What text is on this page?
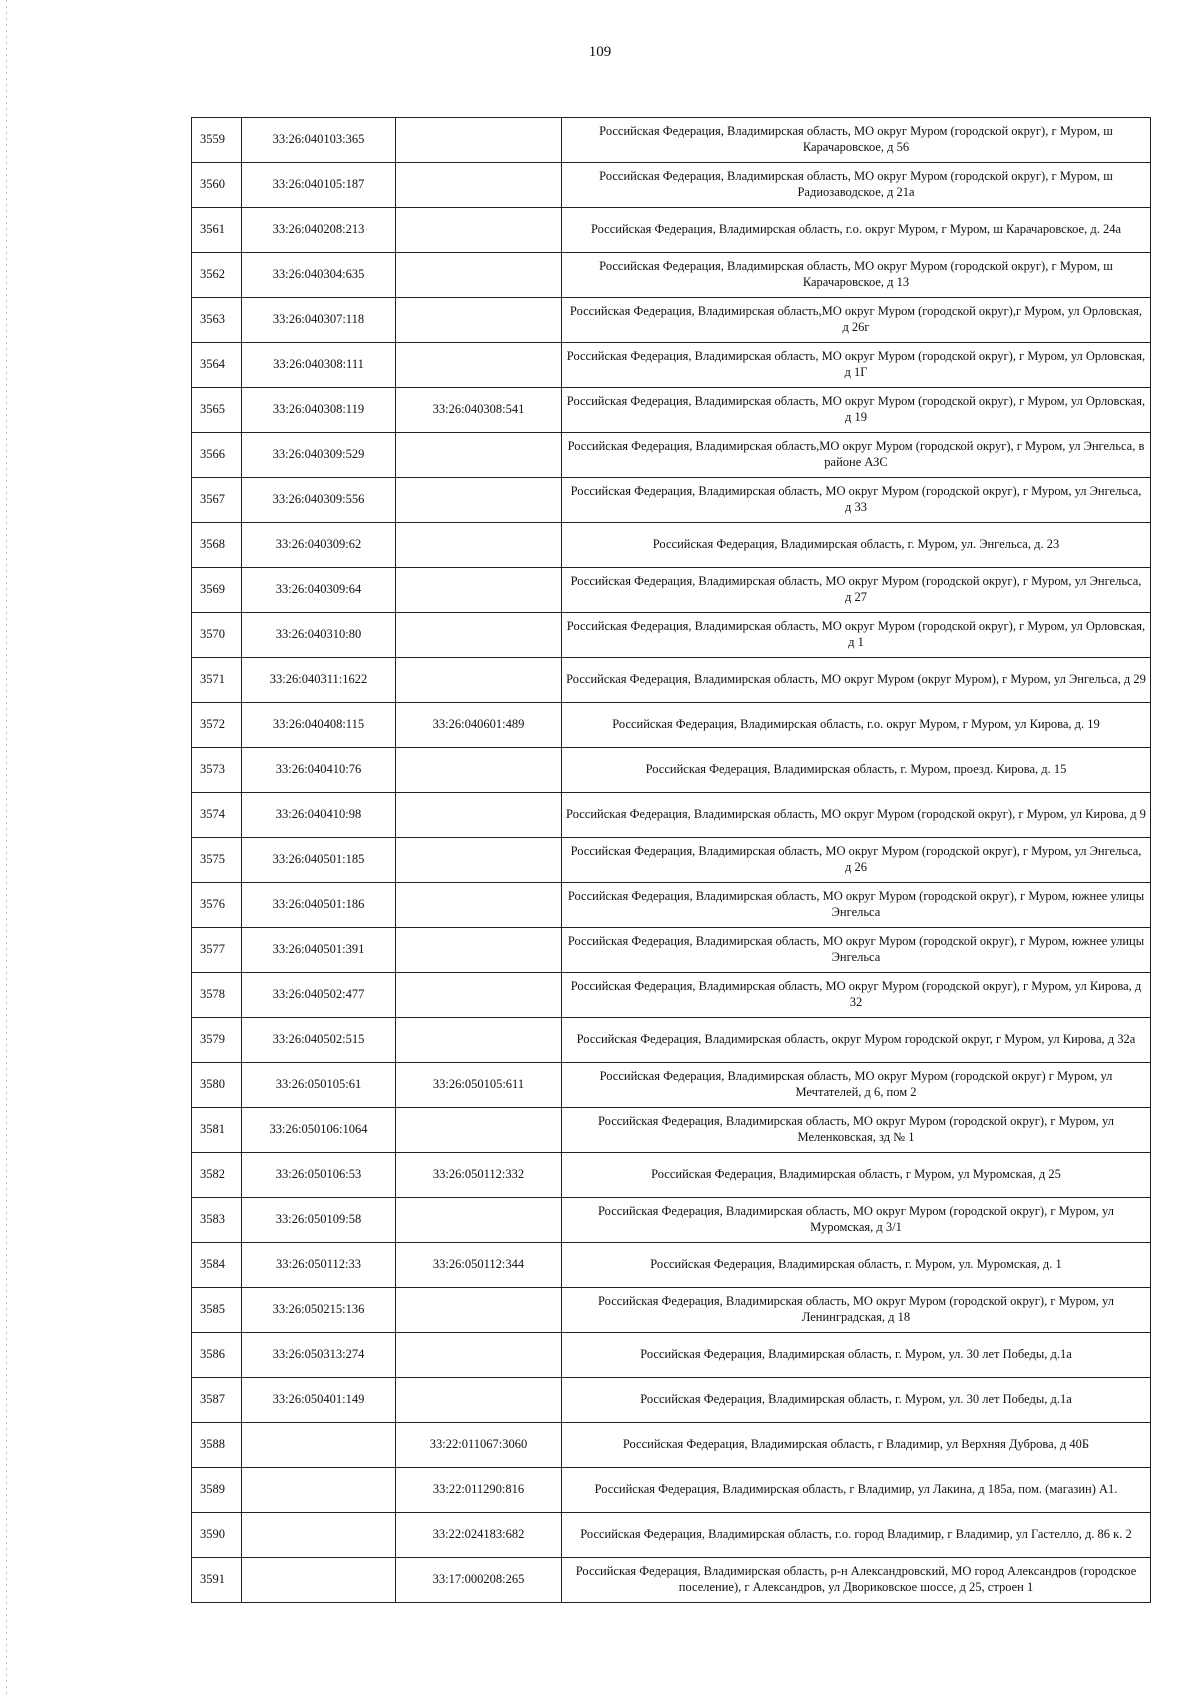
109
3559	33:26:040103:365		Российская Федерация, Владимирская область, МО округ Муром (городской округ), г Муром, ш Карачаровское, д 56
3560	33:26:040105:187		Российская Федерация, Владимирская область, МО округ Муром (городской округ), г Муром, ш Радиозаводское, д 21а
3561	33:26:040208:213		Российская Федерация, Владимирская область, г.о. округ Муром, г Муром, ш Карачаровское, д. 24а
3562	33:26:040304:635		Российская Федерация, Владимирская область, МО округ Муром (городской округ), г Муром, ш Карачаровское, д 13
3563	33:26:040307:118		Российская Федерация, Владимирская область,МО округ Муром (городской округ),г Муром, ул Орловская, д 26г
3564	33:26:040308:111		Российская Федерация, Владимирская область, МО округ Муром (городской округ), г Муром, ул Орловская, д 1Г
3565	33:26:040308:119	33:26:040308:541	Российская Федерация, Владимирская область, МО округ Муром (городской округ), г Муром, ул Орловская, д 19
3566	33:26:040309:529		Российская Федерация, Владимирская область,МО округ Муром (городской округ), г Муром, ул Энгельса, в районе АЗС
3567	33:26:040309:556		Российская Федерация, Владимирская область, МО округ Муром (городской округ), г Муром, ул Энгельса, д 33
3568	33:26:040309:62		Российская Федерация, Владимирская область, г. Муром, ул. Энгельса, д. 23
3569	33:26:040309:64		Российская Федерация, Владимирская область, МО округ Муром (городской округ), г Муром, ул Энгельса, д 27
3570	33:26:040310:80		Российская Федерация, Владимирская область, МО округ Муром (городской округ), г Муром, ул Орловская, д 1
3571	33:26:040311:1622		Российская Федерация, Владимирская область, МО округ Муром (округ Муром), г Муром, ул Энгельса, д 29
3572	33:26:040408:115	33:26:040601:489	Российская Федерация, Владимирская область, г.о. округ Муром, г Муром, ул Кирова, д. 19
3573	33:26:040410:76		Российская Федерация, Владимирская область, г. Муром, проезд. Кирова, д. 15
3574	33:26:040410:98		Российская Федерация, Владимирская область, МО округ Муром (городской округ), г Муром, ул Кирова, д 9
3575	33:26:040501:185		Российская Федерация, Владимирская область, МО округ Муром (городской округ), г Муром, ул Энгельса, д 26
3576	33:26:040501:186		Российская Федерация, Владимирская область, МО округ Муром (городской округ), г Муром, южнее улицы Энгельса
3577	33:26:040501:391		Российская Федерация, Владимирская область, МО округ Муром (городской округ), г Муром, южнее улицы Энгельса
3578	33:26:040502:477		Российская Федерация, Владимирская область, МО округ Муром (городской округ), г Муром, ул Кирова, д 32
3579	33:26:040502:515		Российская Федерация, Владимирская область, округ Муром городской округ, г Муром, ул Кирова, д 32а
3580	33:26:050105:61	33:26:050105:611	Российская Федерация, Владимирская область, МО округ Муром (городской округ) г Муром, ул Мечтателей, д 6, пом 2
3581	33:26:050106:1064		Российская Федерация, Владимирская область, МО округ Муром (городской округ), г Муром, ул Меленковская, зд № 1
3582	33:26:050106:53	33:26:050112:332	Российская Федерация, Владимирская область, г Муром, ул Муромская, д 25
3583	33:26:050109:58		Российская Федерация, Владимирская область, МО округ Муром (городской округ), г Муром, ул Муромская, д 3/1
3584	33:26:050112:33	33:26:050112:344	Российская Федерация, Владимирская область, г. Муром, ул. Муромская, д. 1
3585	33:26:050215:136		Российская Федерация, Владимирская область, МО округ Муром (городской округ), г Муром, ул Ленинградская, д 18
3586	33:26:050313:274		Российская Федерация, Владимирская область, г. Муром, ул. 30 лет Победы, д.1а
3587	33:26:050401:149		Российская Федерация, Владимирская область, г. Муром, ул. 30 лет Победы, д.1а
3588		33:22:011067:3060	Российская Федерация, Владимирская область, г Владимир, ул Верхняя Дуброва, д 40Б
3589		33:22:011290:816	Российская Федерация, Владимирская область, г Владимир, ул Лакина, д 185а, пом. (магазин) А1.
3590		33:22:024183:682	Российская Федерация, Владимирская область, г.о. город Владимир, г Владимир, ул Гастелло, д. 86 к. 2
3591		33:17:000208:265	Российская Федерация, Владимирская область, р-н Александровский, МО город Александров (городское поселение), г Александров, ул Двориковское шоссе, д 25, строен 1
